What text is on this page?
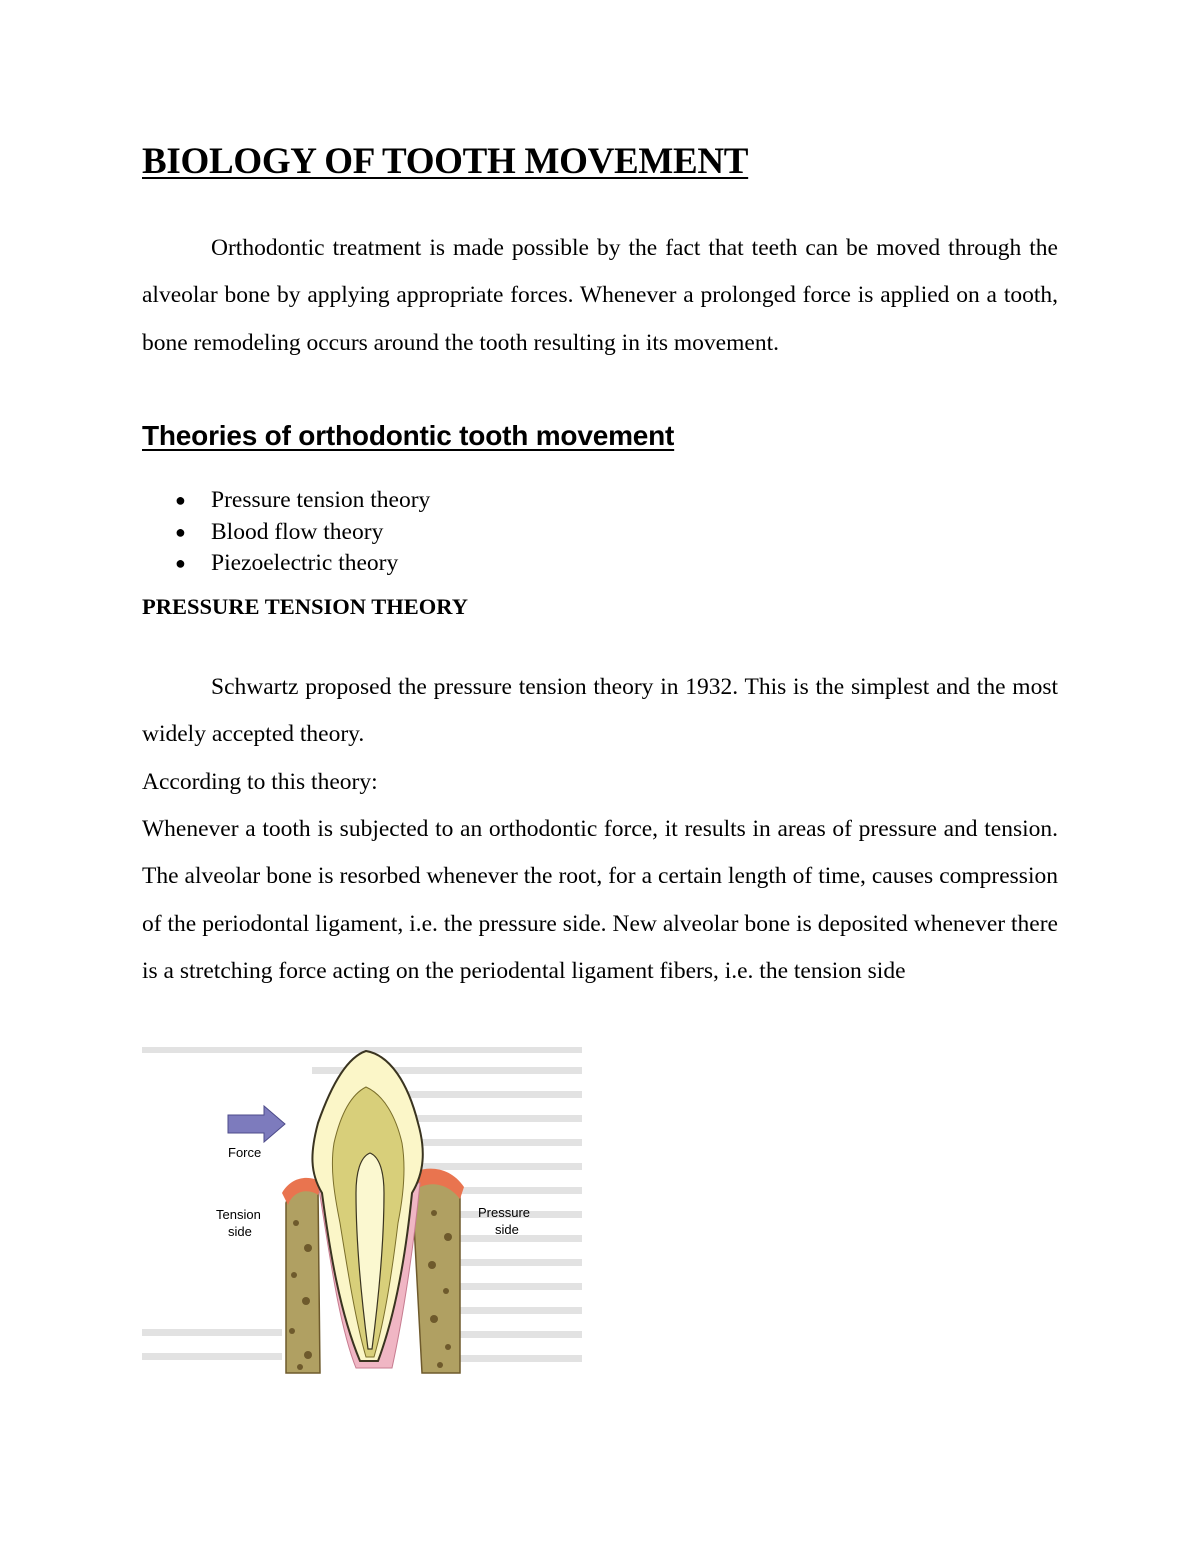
BIOLOGY OF TOOTH MOVEMENT

Orthodontic treatment is made possible by the fact that teeth can be moved through the alveolar bone by applying appropriate forces. Whenever a prolonged force is applied on a tooth, bone remodeling occurs around the tooth resulting in its movement.

Theories of orthodontic tooth movement
● Pressure tension theory
● Blood flow theory
● Piezoelectric theory
PRESSURE TENSION THEORY

Schwartz proposed the pressure tension theory in 1932. This is the simplest and the most widely accepted theory.

According to this theory:

Whenever a tooth is subjected to an orthodontic force, it results in areas of pressure and tension. The alveolar bone is resorbed whenever the root, for a certain length of time, causes compression of the periodontal ligament, i.e. the pressure side. New alveolar bone is deposited whenever there is a stretching force acting on the periodental ligament fibers, i.e. the tension side

Force
Tension
side
Pressure
side
